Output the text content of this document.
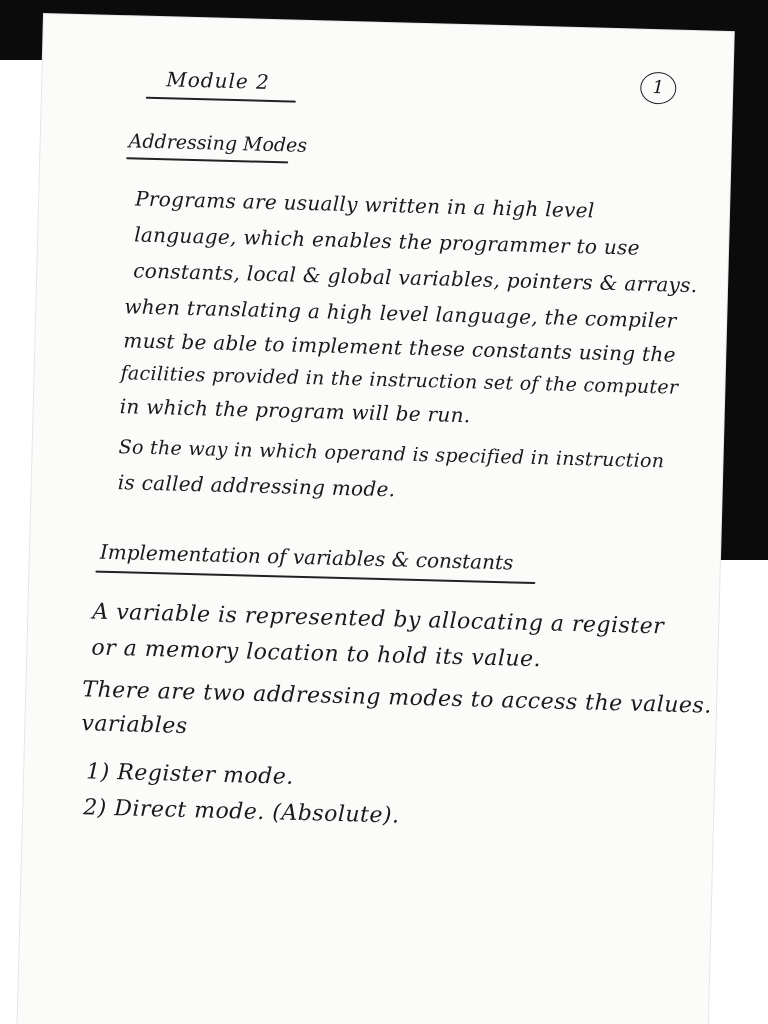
1
Module 2
Addressing Modes
Programs are usually written in a high level
language, which enables the programmer to use
constants, local & global variables, pointers & arrays.
when translating a high level language, the compiler
must be able to implement these constants using the
facilities provided in the instruction set of the computer
in which the program will be run.
So the way in which operand is specified in instruction
is called addressing mode.
Implementation of variables & constants
A variable is represented by allocating a register
or a memory location to hold its value.
There are two addressing modes to access the values.
variables
1) Register mode.
2) Direct mode. (Absolute).
